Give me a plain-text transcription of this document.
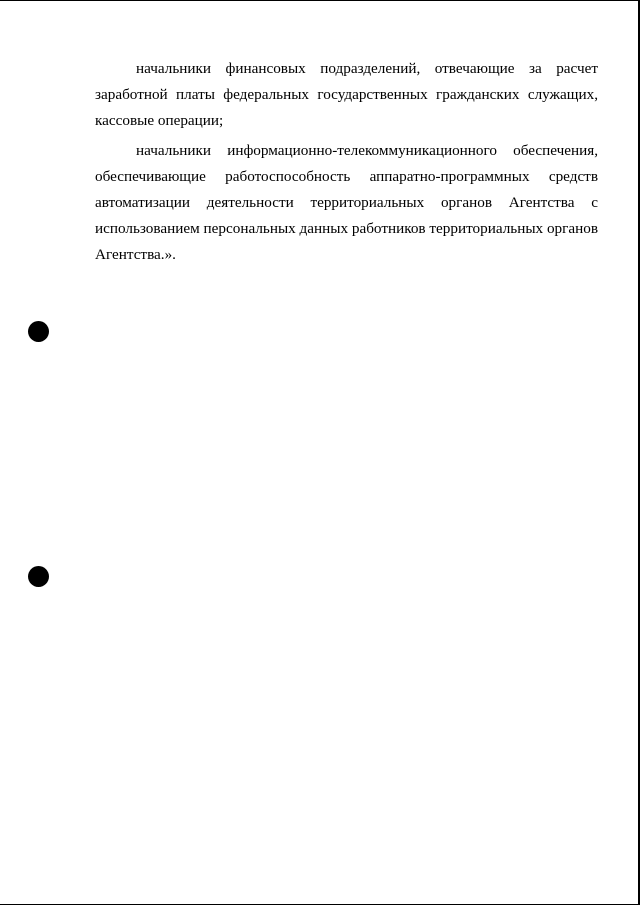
начальники финансовых подразделений, отвечающие за расчет заработной платы федеральных государственных гражданских служащих, кассовые операции;

начальники информационно-телекоммуникационного обеспечения, обеспечивающие работоспособность аппаратно-программных средств автоматизации деятельности территориальных органов Агентства с использованием персональных данных работников территориальных органов Агентства.».
